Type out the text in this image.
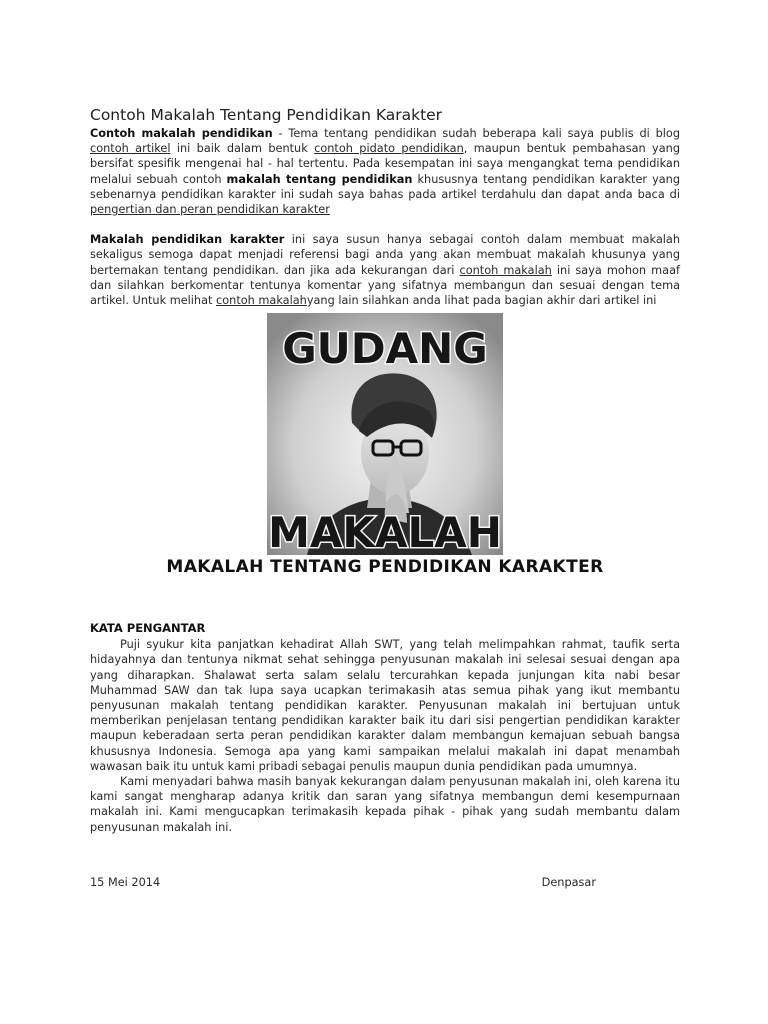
Contoh Makalah Tentang Pendidikan Karakter

Contoh makalah pendidikan - Tema tentang pendidikan sudah beberapa kali saya publis di blog contoh artikel ini baik dalam bentuk contoh pidato pendidikan, maupun bentuk pembahasan yang bersifat spesifik mengenai hal - hal tertentu. Pada kesempatan ini saya mengangkat tema pendidikan melalui sebuah contoh makalah tentang pendidikan khususnya tentang pendidikan karakter yang sebenarnya pendidikan karakter ini sudah saya bahas pada artikel terdahulu dan dapat anda baca di pengertian dan peran pendidikan karakter

Makalah pendidikan karakter ini saya susun hanya sebagai contoh dalam membuat makalah sekaligus semoga dapat menjadi referensi bagi anda yang akan membuat makalah khusunya yang bertemakan tentang pendidikan. dan jika ada kekurangan dari contoh makalah ini saya mohon maaf dan silahkan berkomentar tentunya komentar yang sifatnya membangun dan sesuai dengan tema artikel. Untuk melihat contoh makalahyang lain silahkan anda lihat pada bagian akhir dari artikel ini

GUDANG
MAKALAH
MAKALAH TENTANG PENDIDIKAN KARAKTER
KATA PENGANTAR

Puji syukur kita panjatkan kehadirat Allah SWT, yang telah melimpahkan rahmat, taufik serta hidayahnya dan tentunya nikmat sehat sehingga penyusunan makalah ini selesai sesuai dengan apa yang diharapkan. Shalawat serta salam selalu tercurahkan kepada junjungan kita nabi besar Muhammad SAW dan tak lupa saya ucapkan terimakasih atas semua pihak yang ikut membantu penyusunan makalah tentang pendidikan karakter. Penyusunan makalah ini bertujuan untuk memberikan penjelasan tentang pendidikan karakter baik itu dari sisi pengertian pendidikan karakter maupun keberadaan serta peran pendidikan karakter dalam membangun kemajuan sebuah bangsa khususnya Indonesia. Semoga apa yang kami sampaikan melalui makalah ini dapat menambah wawasan baik itu untuk kami pribadi sebagai penulis maupun dunia pendidikan pada umumnya.

Kami menyadari bahwa masih banyak kekurangan dalam penyusunan makalah ini, oleh karena itu kami sangat mengharap adanya kritik dan saran yang sifatnya membangun demi kesempurnaan makalah ini. Kami mengucapkan terimakasih kepada pihak - pihak yang sudah membantu dalam penyusunan makalah ini.

15 Mei 2014	Denpasar
